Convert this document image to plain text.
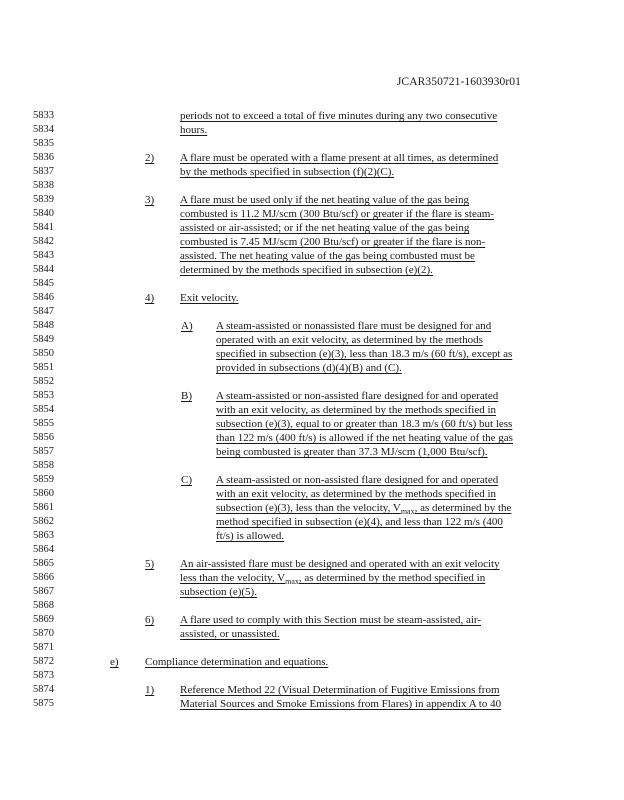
JCAR350721-1603930r01
5833
5834
5835
5836
5837
5838
5839
5840
5841
5842
5843
5844
5845
5846
5847
5848
5849
5850
5851
5852
5853
5854
5855
5856
5857
5858
5859
5860
5861
5862
5863
5864
5865
5866
5867
5868
5869
5870
5871
5872
5873
5874
5875
periods not to exceed a total of five minutes during any two consecutive
hours.
2) A flare must be operated with a flame present at all times, as determined
by the methods specified in subsection (f)(2)(C).
3) A flare must be used only if the net heating value of the gas being
combusted is 11.2 MJ/scm (300 Btu/scf) or greater if the flare is steam-
assisted or air-assisted; or if the net heating value of the gas being
combusted is 7.45 MJ/scm (200 Btu/scf) or greater if the flare is non-
assisted. The net heating value of the gas being combusted must be
determined by the methods specified in subsection (e)(2).
4) Exit velocity.
A) A steam-assisted or nonassisted flare must be designed for and
operated with an exit velocity, as determined by the methods
specified in subsection (e)(3), less than 18.3 m/s (60 ft/s), except as
provided in subsections (d)(4)(B) and (C).
B) A steam-assisted or non-assisted flare designed for and operated
with an exit velocity, as determined by the methods specified in
subsection (e)(3), equal to or greater than 18.3 m/s (60 ft/s) but less
than 122 m/s (400 ft/s) is allowed if the net heating value of the gas
being combusted is greater than 37.3 MJ/scm (1,000 Btu/scf).
C) A steam-assisted or non-assisted flare designed for and operated
with an exit velocity, as determined by the methods specified in
subsection (e)(3), less than the velocity, $V_{max}$, as determined by the
method specified in subsection (e)(4), and less than 122 m/s (400
ft/s) is allowed.
5) An air-assisted flare must be designed and operated with an exit velocity
less than the velocity, $V_{max}$, as determined by the method specified in
subsection (e)(5).
6) A flare used to comply with this Section must be steam-assisted, air-
assisted, or unassisted.
e) Compliance determination and equations.
1) Reference Method 22 (Visual Determination of Fugitive Emissions from
Material Sources and Smoke Emissions from Flares) in appendix A to 40
